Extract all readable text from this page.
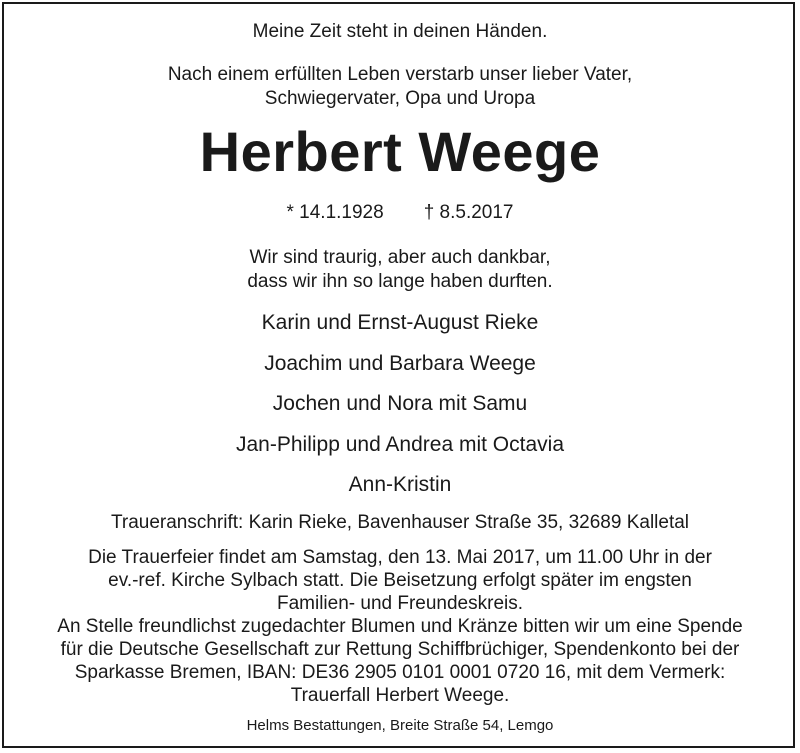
Meine Zeit steht in deinen Händen.
Nach einem erfüllten Leben verstarb unser lieber Vater,
Schwiegervater, Opa und Uropa
Herbert Weege
* 14.1.1928 † 8.5.2017
Wir sind traurig, aber auch dankbar,
dass wir ihn so lange haben durften.
Karin und Ernst-August Rieke
Joachim und Barbara Weege
Jochen und Nora mit Samu
Jan-Philipp und Andrea mit Octavia
Ann-Kristin
Traueranschrift: Karin Rieke, Bavenhauser Straße 35, 32689 Kalletal
Die Trauerfeier findet am Samstag, den 13. Mai 2017, um 11.00 Uhr in der
ev.-ref. Kirche Sylbach statt. Die Beisetzung erfolgt später im engsten
Familien- und Freundeskreis.
An Stelle freundlichst zugedachter Blumen und Kränze bitten wir um eine Spende
für die Deutsche Gesellschaft zur Rettung Schiffbrüchiger, Spendenkonto bei der
Sparkasse Bremen, IBAN: DE36 2905 0101 0001 0720 16, mit dem Vermerk:
Trauerfall Herbert Weege.
Helms Bestattungen, Breite Straße 54, Lemgo
